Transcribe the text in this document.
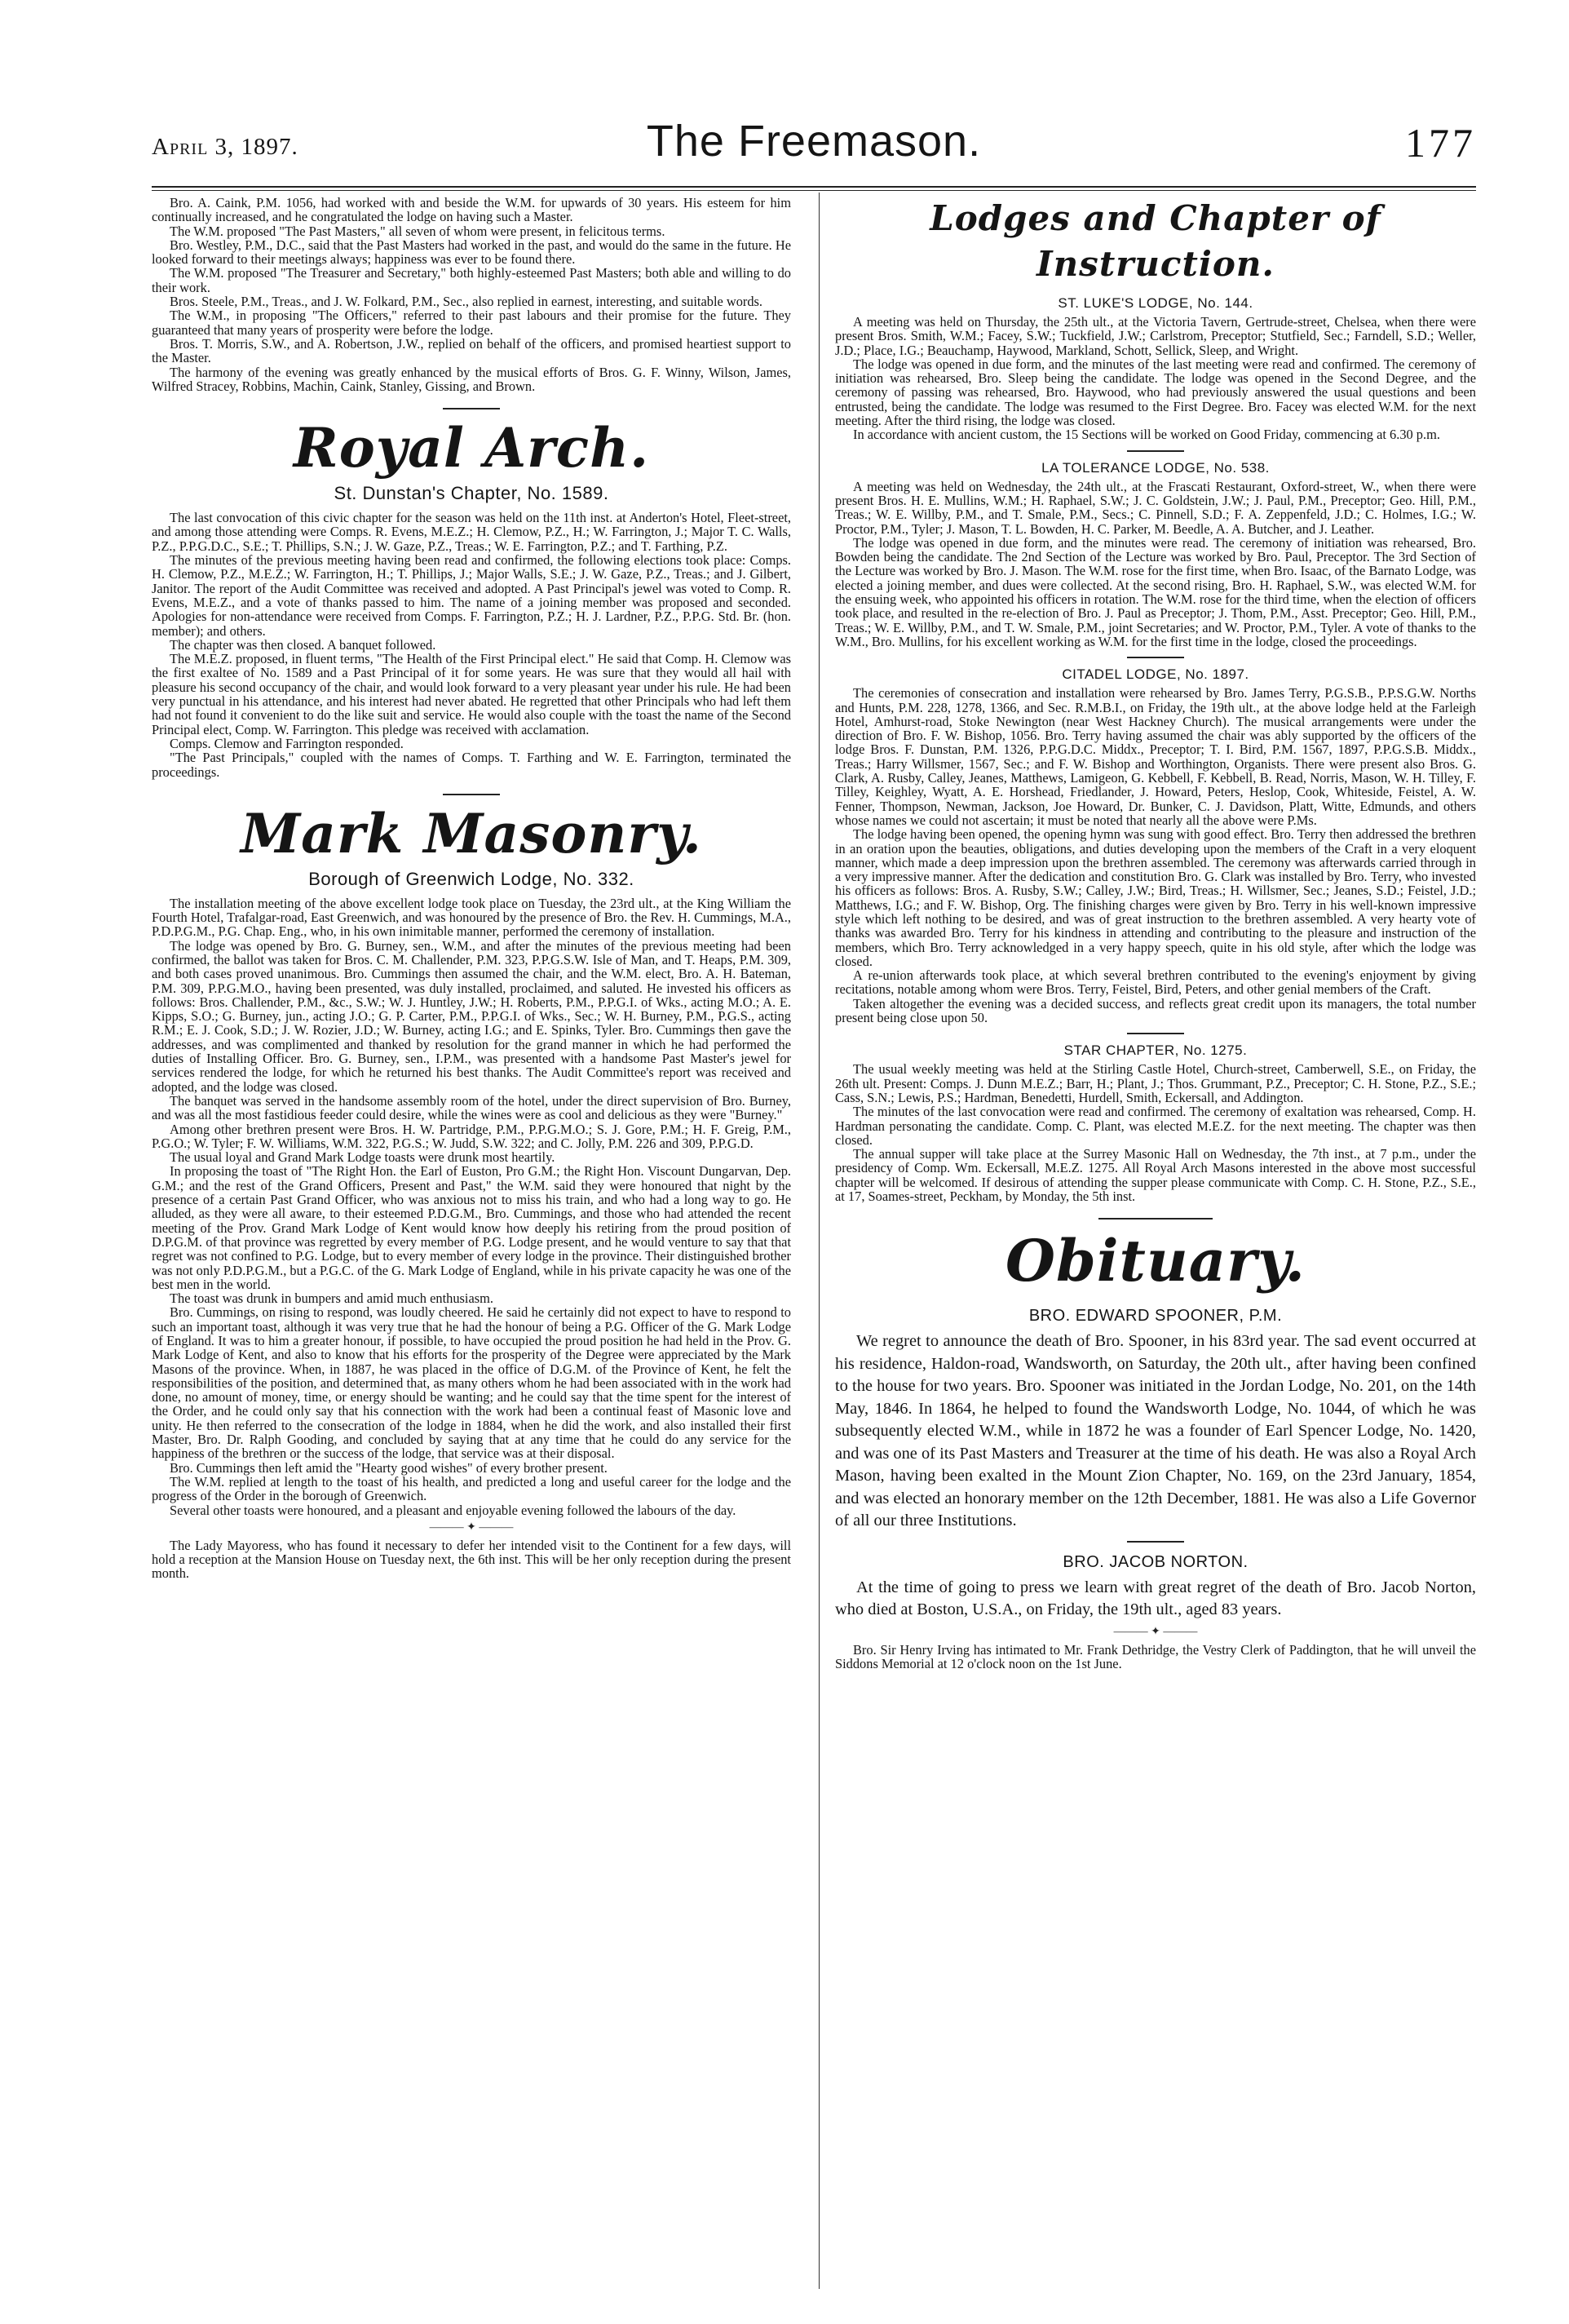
April 3, 1897.	The Freemason.	177

Bro. A. Caink, P.M. 1056, had worked with and beside the W.M. for upwards of 30 years. His esteem for him continually increased, and he congratulated the lodge on having such a Master.

The W.M. proposed "The Past Masters," all seven of whom were present, in felicitous terms.

Bro. Westley, P.M., D.C., said that the Past Masters had worked in the past, and would do the same in the future. He looked forward to their meetings always; happiness was ever to be found there.

The W.M. proposed "The Treasurer and Secretary," both highly-esteemed Past Masters; both able and willing to do their work.

Bros. Steele, P.M., Treas., and J. W. Folkard, P.M., Sec., also replied in earnest, interesting, and suitable words.

The W.M., in proposing "The Officers," referred to their past labours and their promise for the future. They guaranteed that many years of prosperity were before the lodge.

Bros. T. Morris, S.W., and A. Robertson, J.W., replied on behalf of the officers, and promised heartiest support to the Master.

The harmony of the evening was greatly enhanced by the musical efforts of Bros. G. F. Winny, Wilson, James, Wilfred Stracey, Robbins, Machin, Caink, Stanley, Gissing, and Brown.

Royal Arch.
St. Dunstan's Chapter, No. 1589.

The last convocation of this civic chapter for the season was held on the 11th inst. at Anderton's Hotel, Fleet-street, and among those attending were Comps. R. Evens, M.E.Z.; H. Clemow, P.Z., H.; W. Farrington, J.; Major T. C. Walls, P.Z., P.P.G.D.C., S.E.; T. Phillips, S.N.; J. W. Gaze, P.Z., Treas.; W. E. Farrington, P.Z.; and T. Farthing, P.Z.

The minutes of the previous meeting having been read and confirmed, the following elections took place: Comps. H. Clemow, P.Z., M.E.Z.; W. Farrington, H.; T. Phillips, J.; Major Walls, S.E.; J. W. Gaze, P.Z., Treas.; and J. Gilbert, Janitor. The report of the Audit Committee was received and adopted. A Past Principal's jewel was voted to Comp. R. Evens, M.E.Z., and a vote of thanks passed to him. The name of a joining member was proposed and seconded. Apologies for non-attendance were received from Comps. F. Farrington, P.Z.; H. J. Lardner, P.Z., P.P.G. Std. Br. (hon. member); and others.

The chapter was then closed. A banquet followed.

The M.E.Z. proposed, in fluent terms, "The Health of the First Principal elect." He said that Comp. H. Clemow was the first exaltee of No. 1589 and a Past Principal of it for some years. He was sure that they would all hail with pleasure his second occupancy of the chair, and would look forward to a very pleasant year under his rule. He had been very punctual in his attendance, and his interest had never abated. He regretted that other Principals who had left them had not found it convenient to do the like suit and service. He would also couple with the toast the name of the Second Principal elect, Comp. W. Farrington. This pledge was received with acclamation.

Comps. Clemow and Farrington responded.

"The Past Principals," coupled with the names of Comps. T. Farthing and W. E. Farrington, terminated the proceedings.

Mark Masonry.
Borough of Greenwich Lodge, No. 332.

The installation meeting of the above excellent lodge took place on Tuesday, the 23rd ult., at the King William the Fourth Hotel, Trafalgar-road, East Greenwich, and was honoured by the presence of Bro. the Rev. H. Cummings, M.A., P.D.P.G.M., P.G. Chap. Eng., who, in his own inimitable manner, performed the ceremony of installation.

The lodge was opened by Bro. G. Burney, sen., W.M., and after the minutes of the previous meeting had been confirmed, the ballot was taken for Bros. C. M. Challender, P.M. 323, P.P.G.S.W. Isle of Man, and T. Heaps, P.M. 309, and both cases proved unanimous. Bro. Cummings then assumed the chair, and the W.M. elect, Bro. A. H. Bateman, P.M. 309, P.P.G.M.O., having been presented, was duly installed, proclaimed, and saluted. He invested his officers as follows: Bros. Challender, P.M., &c., S.W.; W. J. Huntley, J.W.; H. Roberts, P.M., P.P.G.I. of Wks., acting M.O.; A. E. Kipps, S.O.; G. Burney, jun., acting J.O.; G. P. Carter, P.M., P.P.G.I. of Wks., Sec.; W. H. Burney, P.M., P.G.S., acting R.M.; E. J. Cook, S.D.; J. W. Rozier, J.D.; W. Burney, acting I.G.; and E. Spinks, Tyler. Bro. Cummings then gave the addresses, and was complimented and thanked by resolution for the grand manner in which he had performed the duties of Installing Officer. Bro. G. Burney, sen., I.P.M., was presented with a handsome Past Master's jewel for services rendered the lodge, for which he returned his best thanks. The Audit Committee's report was received and adopted, and the lodge was closed.

The banquet was served in the handsome assembly room of the hotel, under the direct supervision of Bro. Burney, and was all the most fastidious feeder could desire, while the wines were as cool and delicious as they were "Burney."

Among other brethren present were Bros. H. W. Partridge, P.M., P.P.G.M.O.; S. J. Gore, P.M.; H. F. Greig, P.M., P.G.O.; W. Tyler; F. W. Williams, W.M. 322, P.G.S.; W. Judd, S.W. 322; and C. Jolly, P.M. 226 and 309, P.P.G.D.

The usual loyal and Grand Mark Lodge toasts were drunk most heartily.

In proposing the toast of "The Right Hon. the Earl of Euston, Pro G.M.; the Right Hon. Viscount Dungarvan, Dep. G.M.; and the rest of the Grand Officers, Present and Past," the W.M. said they were honoured that night by the presence of a certain Past Grand Officer, who was anxious not to miss his train, and who had a long way to go. He alluded, as they were all aware, to their esteemed P.D.G.M., Bro. Cummings, and those who had attended the recent meeting of the Prov. Grand Mark Lodge of Kent would know how deeply his retiring from the proud position of D.P.G.M. of that province was regretted by every member of P.G. Lodge present, and he would venture to say that that regret was not confined to P.G. Lodge, but to every member of every lodge in the province. Their distinguished brother was not only P.D.P.G.M., but a P.G.C. of the G. Mark Lodge of England, while in his private capacity he was one of the best men in the world.

The toast was drunk in bumpers and amid much enthusiasm.

Bro. Cummings, on rising to respond, was loudly cheered. He said he certainly did not expect to have to respond to such an important toast, although it was very true that he had the honour of being a P.G. Officer of the G. Mark Lodge of England. It was to him a greater honour, if possible, to have occupied the proud position he had held in the Prov. G. Mark Lodge of Kent, and also to know that his efforts for the prosperity of the Degree were appreciated by the Mark Masons of the province. When, in 1887, he was placed in the office of D.G.M. of the Province of Kent, he felt the responsibilities of the position, and determined that, as many others whom he had been associated with in the work had done, no amount of money, time, or energy should be wanting; and he could say that the time spent for the interest of the Order, and he could only say that his connection with the work had been a continual feast of Masonic love and unity. He then referred to the consecration of the lodge in 1884, when he did the work, and also installed their first Master, Bro. Dr. Ralph Gooding, and concluded by saying that at any time that he could do any service for the happiness of the brethren or the success of the lodge, that service was at their disposal.

Bro. Cummings then left amid the "Hearty good wishes" of every brother present.

The W.M. replied at length to the toast of his health, and predicted a long and useful career for the lodge and the progress of the Order in the borough of Greenwich.

Several other toasts were honoured, and a pleasant and enjoyable evening followed the labours of the day.

——— ✦ ———

The Lady Mayoress, who has found it necessary to defer her intended visit to the Continent for a few days, will hold a reception at the Mansion House on Tuesday next, the 6th inst. This will be her only reception during the present month.

Lodges and Chapter of Instruction.
ST. LUKE'S LODGE, No. 144.

A meeting was held on Thursday, the 25th ult., at the Victoria Tavern, Gertrude-street, Chelsea, when there were present Bros. Smith, W.M.; Facey, S.W.; Tuckfield, J.W.; Carlstrom, Preceptor; Stutfield, Sec.; Farndell, S.D.; Weller, J.D.; Place, I.G.; Beauchamp, Haywood, Markland, Schott, Sellick, Sleep, and Wright.

The lodge was opened in due form, and the minutes of the last meeting were read and confirmed. The ceremony of initiation was rehearsed, Bro. Sleep being the candidate. The lodge was opened in the Second Degree, and the ceremony of passing was rehearsed, Bro. Haywood, who had previously answered the usual questions and been entrusted, being the candidate. The lodge was resumed to the First Degree. Bro. Facey was elected W.M. for the next meeting. After the third rising, the lodge was closed.

In accordance with ancient custom, the 15 Sections will be worked on Good Friday, commencing at 6.30 p.m.

LA TOLERANCE LODGE, No. 538.

A meeting was held on Wednesday, the 24th ult., at the Frascati Restaurant, Oxford-street, W., when there were present Bros. H. E. Mullins, W.M.; H. Raphael, S.W.; J. C. Goldstein, J.W.; J. Paul, P.M., Preceptor; Geo. Hill, P.M., Treas.; W. E. Willby, P.M., and T. Smale, P.M., Secs.; C. Pinnell, S.D.; F. A. Zeppenfeld, J.D.; C. Holmes, I.G.; W. Proctor, P.M., Tyler; J. Mason, T. L. Bowden, H. C. Parker, M. Beedle, A. A. Butcher, and J. Leather.

The lodge was opened in due form, and the minutes were read. The ceremony of initiation was rehearsed, Bro. Bowden being the candidate. The 2nd Section of the Lecture was worked by Bro. Paul, Preceptor. The 3rd Section of the Lecture was worked by Bro. J. Mason. The W.M. rose for the first time, when Bro. Isaac, of the Barnato Lodge, was elected a joining member, and dues were collected. At the second rising, Bro. H. Raphael, S.W., was elected W.M. for the ensuing week, who appointed his officers in rotation. The W.M. rose for the third time, when the election of officers took place, and resulted in the re-election of Bro. J. Paul as Preceptor; J. Thom, P.M., Asst. Preceptor; Geo. Hill, P.M., Treas.; W. E. Willby, P.M., and T. W. Smale, P.M., joint Secretaries; and W. Proctor, P.M., Tyler. A vote of thanks to the W.M., Bro. Mullins, for his excellent working as W.M. for the first time in the lodge, closed the proceedings.

CITADEL LODGE, No. 1897.

The ceremonies of consecration and installation were rehearsed by Bro. James Terry, P.G.S.B., P.P.S.G.W. Norths and Hunts, P.M. 228, 1278, 1366, and Sec. R.M.B.I., on Friday, the 19th ult., at the above lodge held at the Farleigh Hotel, Amhurst-road, Stoke Newington (near West Hackney Church). The musical arrangements were under the direction of Bro. F. W. Bishop, 1056. Bro. Terry having assumed the chair was ably supported by the officers of the lodge Bros. F. Dunstan, P.M. 1326, P.P.G.D.C. Middx., Preceptor; T. I. Bird, P.M. 1567, 1897, P.P.G.S.B. Middx., Treas.; Harry Willsmer, 1567, Sec.; and F. W. Bishop and Worthington, Organists. There were present also Bros. G. Clark, A. Rusby, Calley, Jeanes, Matthews, Lamigeon, G. Kebbell, F. Kebbell, B. Read, Norris, Mason, W. H. Tilley, F. Tilley, Keighley, Wyatt, A. E. Horshead, Friedlander, J. Howard, Peters, Heslop, Cook, Whiteside, Feistel, A. W. Fenner, Thompson, Newman, Jackson, Joe Howard, Dr. Bunker, C. J. Davidson, Platt, Witte, Edmunds, and others whose names we could not ascertain; it must be noted that nearly all the above were P.Ms.

The lodge having been opened, the opening hymn was sung with good effect. Bro. Terry then addressed the brethren in an oration upon the beauties, obligations, and duties developing upon the members of the Craft in a very eloquent manner, which made a deep impression upon the brethren assembled. The ceremony was afterwards carried through in a very impressive manner. After the dedication and constitution Bro. G. Clark was installed by Bro. Terry, who invested his officers as follows: Bros. A. Rusby, S.W.; Calley, J.W.; Bird, Treas.; H. Willsmer, Sec.; Jeanes, S.D.; Feistel, J.D.; Matthews, I.G.; and F. W. Bishop, Org. The finishing charges were given by Bro. Terry in his well-known impressive style which left nothing to be desired, and was of great instruction to the brethren assembled. A very hearty vote of thanks was awarded Bro. Terry for his kindness in attending and contributing to the pleasure and instruction of the members, which Bro. Terry acknowledged in a very happy speech, quite in his old style, after which the lodge was closed.

A re-union afterwards took place, at which several brethren contributed to the evening's enjoyment by giving recitations, notable among whom were Bros. Terry, Feistel, Bird, Peters, and other genial members of the Craft.

Taken altogether the evening was a decided success, and reflects great credit upon its managers, the total number present being close upon 50.

STAR CHAPTER, No. 1275.

The usual weekly meeting was held at the Stirling Castle Hotel, Church-street, Camberwell, S.E., on Friday, the 26th ult. Present: Comps. J. Dunn M.E.Z.; Barr, H.; Plant, J.; Thos. Grummant, P.Z., Preceptor; C. H. Stone, P.Z., S.E.; Cass, S.N.; Lewis, P.S.; Hardman, Benedetti, Hurdell, Smith, Eckersall, and Addington.

The minutes of the last convocation were read and confirmed. The ceremony of exaltation was rehearsed, Comp. H. Hardman personating the candidate. Comp. C. Plant, was elected M.E.Z. for the next meeting. The chapter was then closed.

The annual supper will take place at the Surrey Masonic Hall on Wednesday, the 7th inst., at 7 p.m., under the presidency of Comp. Wm. Eckersall, M.E.Z. 1275. All Royal Arch Masons interested in the above most successful chapter will be welcomed. If desirous of attending the supper please communicate with Comp. C. H. Stone, P.Z., S.E., at 17, Soames-street, Peckham, by Monday, the 5th inst.

Obituary.
BRO. EDWARD SPOONER, P.M.

We regret to announce the death of Bro. Spooner, in his 83rd year. The sad event occurred at his residence, Haldon-road, Wandsworth, on Saturday, the 20th ult., after having been confined to the house for two years. Bro. Spooner was initiated in the Jordan Lodge, No. 201, on the 14th May, 1846. In 1864, he helped to found the Wandsworth Lodge, No. 1044, of which he was subsequently elected W.M., while in 1872 he was a founder of Earl Spencer Lodge, No. 1420, and was one of its Past Masters and Treasurer at the time of his death. He was also a Royal Arch Mason, having been exalted in the Mount Zion Chapter, No. 169, on the 23rd January, 1854, and was elected an honorary member on the 12th December, 1881. He was also a Life Governor of all our three Institutions.

BRO. JACOB NORTON.

At the time of going to press we learn with great regret of the death of Bro. Jacob Norton, who died at Boston, U.S.A., on Friday, the 19th ult., aged 83 years.

——— ✦ ———

Bro. Sir Henry Irving has intimated to Mr. Frank Dethridge, the Vestry Clerk of Paddington, that he will unveil the Siddons Memorial at 12 o'clock noon on the 1st June.
